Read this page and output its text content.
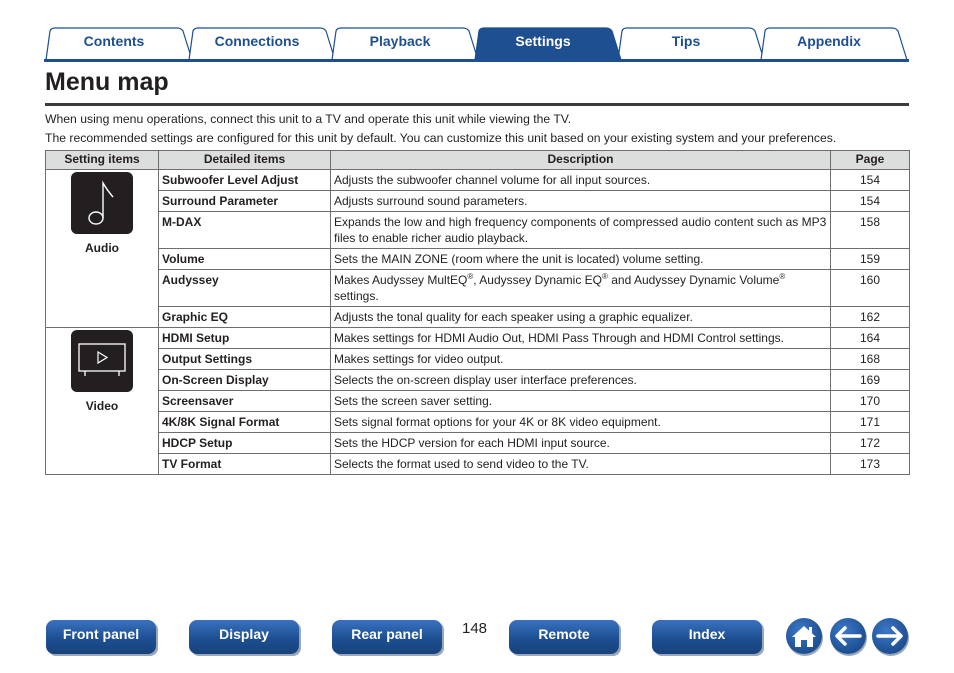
Contents	Connections	Playback	Settings	Tips	Appendix
Menu map
When using menu operations, connect this unit to a TV and operate this unit while viewing the TV.
The recommended settings are configured for this unit by default. You can customize this unit based on your existing system and your preferences.
Setting items	Detailed items	Description	Page

Audio	Subwoofer Level Adjust	Adjusts the subwoofer channel volume for all input sources.	154
	Surround Parameter	Adjusts surround sound parameters.	154
	M-DAX	Expands the low and high frequency components of compressed audio content such as MP3 files to enable richer audio playback.	158
	Volume	Sets the MAIN ZONE (room where the unit is located) volume setting.	159
	Audyssey	Makes Audyssey MultEQ®, Audyssey Dynamic EQ® and Audyssey Dynamic Volume® settings.	160
	Graphic EQ	Adjusts the tonal quality for each speaker using a graphic equalizer.	162

Video	HDMI Setup	Makes settings for HDMI Audio Out, HDMI Pass Through and HDMI Control settings.	164
	Output Settings	Makes settings for video output.	168
	On-Screen Display	Selects the on-screen display user interface preferences.	169
	Screensaver	Sets the screen saver setting.	170
	4K/8K Signal Format	Sets signal format options for your 4K or 8K video equipment.	171
	HDCP Setup	Sets the HDCP version for each HDMI input source.	172
	TV Format	Selects the format used to send video to the TV.	173
Front panel	Display	Rear panel	148	Remote	Index
